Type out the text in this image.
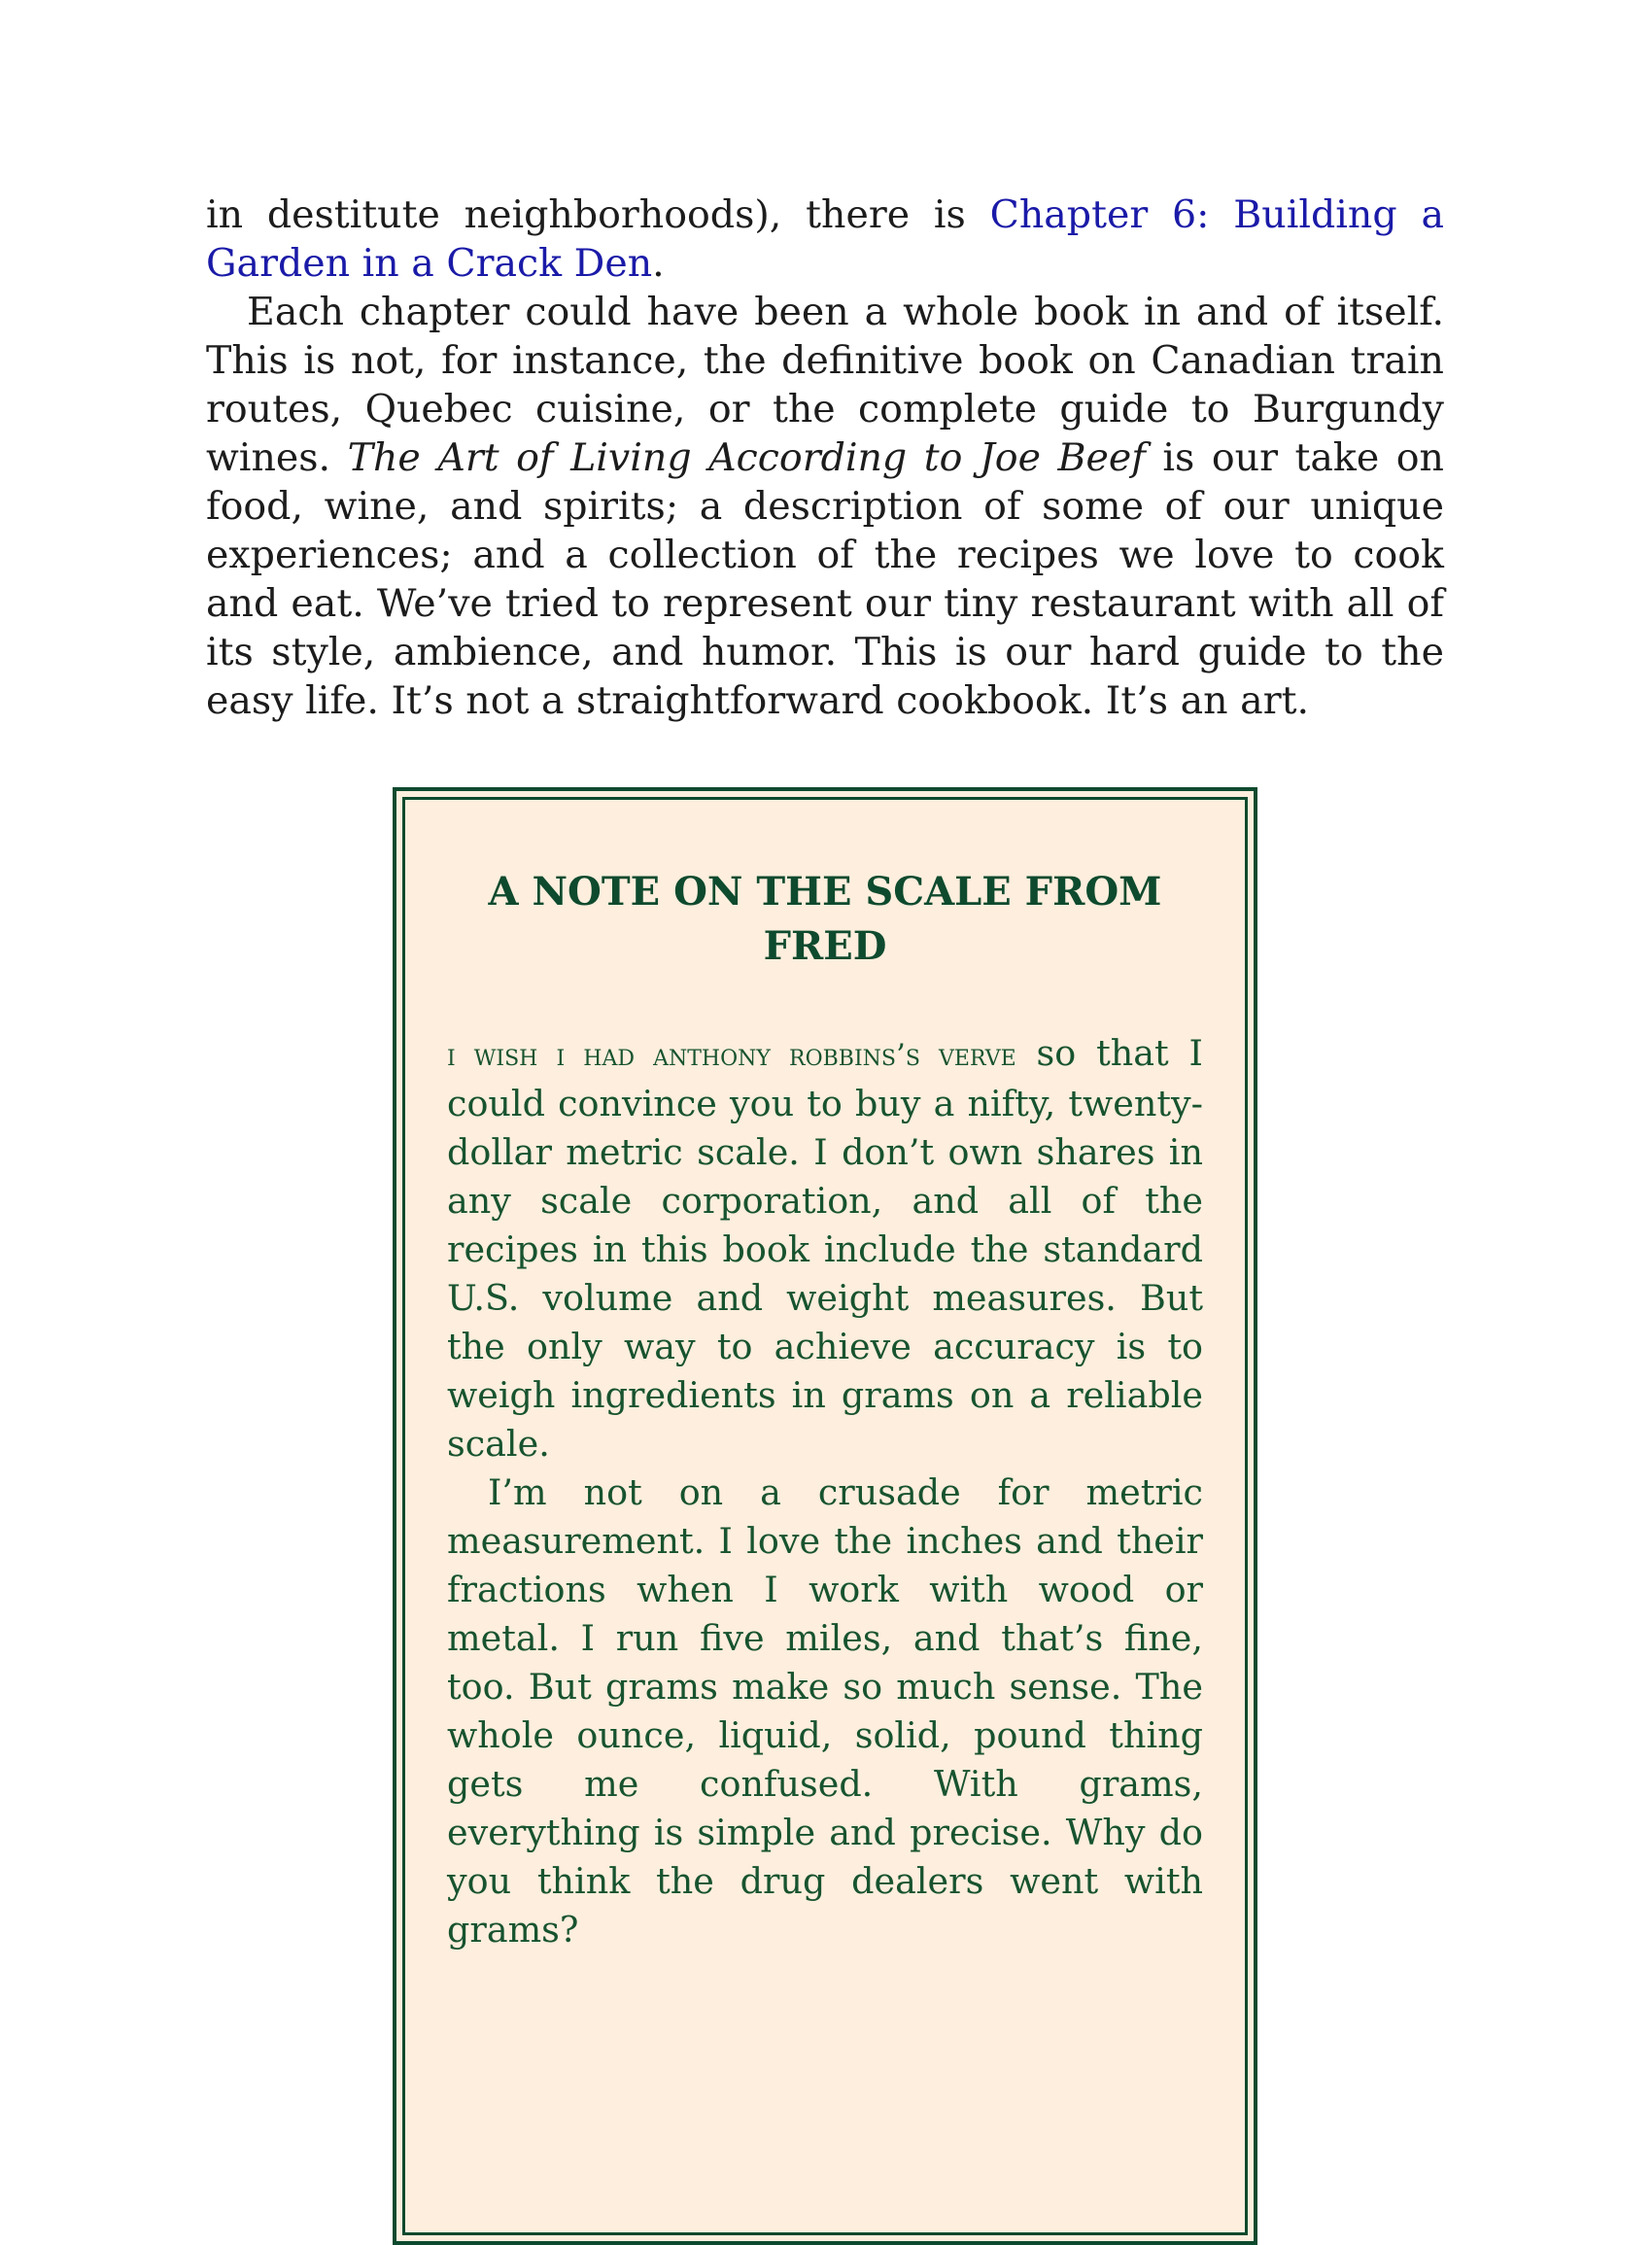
in destitute neighborhoods), there is Chapter 6: Building a Garden in a Crack Den.

Each chapter could have been a whole book in and of itself. This is not, for instance, the definitive book on Canadian train routes, Quebec cuisine, or the complete guide to Burgundy wines. The Art of Living According to Joe Beef is our take on food, wine, and spirits; a description of some of our unique experiences; and a collection of the recipes we love to cook and eat. We’ve tried to represent our tiny restaurant with all of its style, ambience, and humor. This is our hard guide to the easy life. It’s not a straightforward cookbook. It’s an art.

A NOTE ON THE SCALE FROM FRED

i wish i had anthony robbins’s verve so that I could convince you to buy a nifty, twenty-dollar metric scale. I don’t own shares in any scale corporation, and all of the recipes in this book include the standard U.S. volume and weight measures. But the only way to achieve accuracy is to weigh ingredients in grams on a reliable scale.

I’m not on a crusade for metric measurement. I love the inches and their fractions when I work with wood or metal. I run five miles, and that’s fine, too. But grams make so much sense. The whole ounce, liquid, solid, pound thing gets me confused. With grams, everything is simple and precise. Why do you think the drug dealers went with grams?
